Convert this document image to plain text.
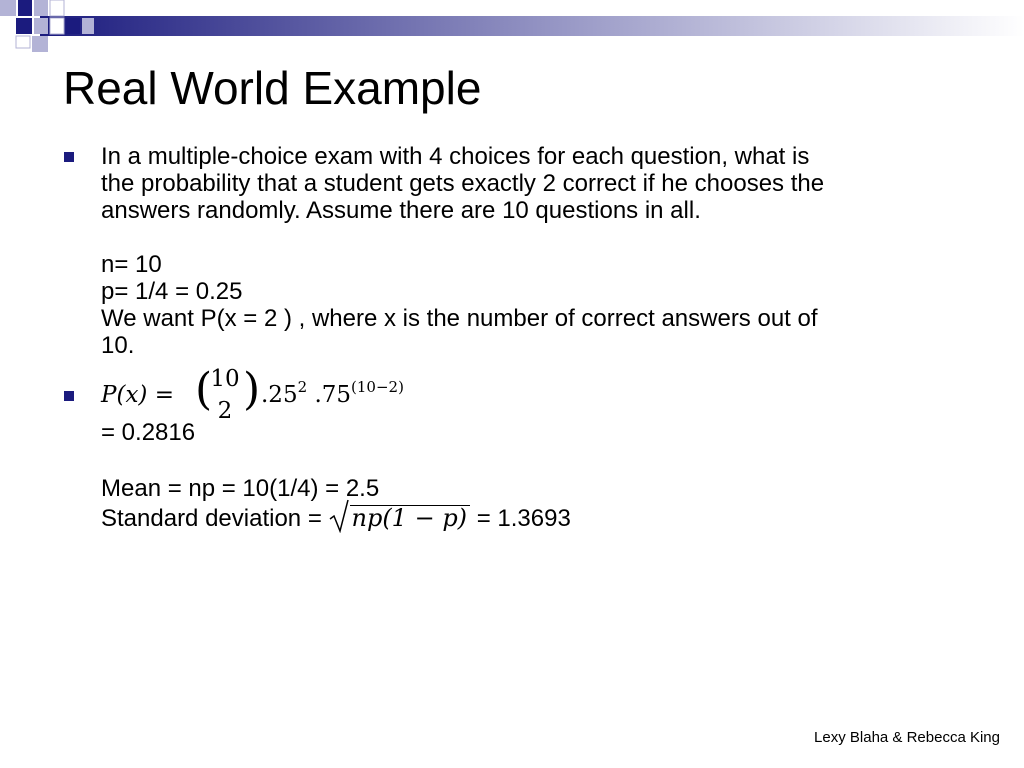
Real World Example
In a multiple-choice exam with 4 choices for each question, what is
the probability that a student gets exactly 2 correct if he chooses the
answers randomly. Assume there are 10 questions in all.
n= 10
p= 1/4 = 0.25
We want P(x = 2 ) , where x is the number of correct answers out of
10.
P(x) = (
10
2 ) $.25^2$ $.75^{(10-2)}$
= 0.2816
Mean = np = 10(1/4) = 2.5
Standard deviation = np(1 − p) = 1.3693
Lexy Blaha & Rebecca King
